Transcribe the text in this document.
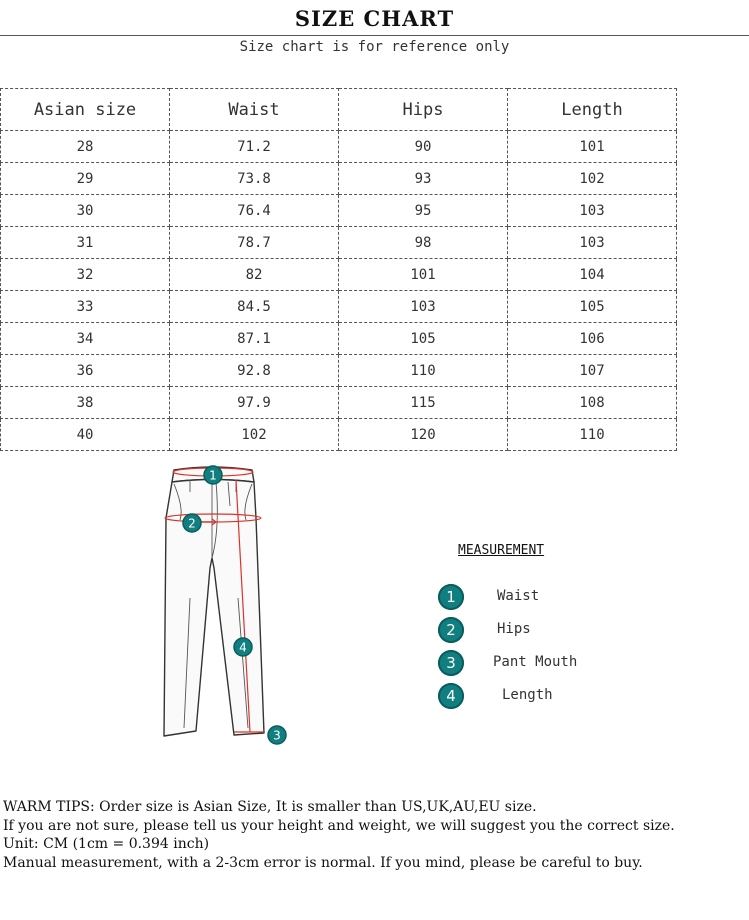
SIZE CHART
Size chart is for reference only
Asian size	Waist	Hips	Length
28	71.2	90	101
29	73.8	93	102
30	76.4	95	103
31	78.7	98	103
32	82	101	104
33	84.5	103	105
34	87.1	105	106
36	92.8	110	107
38	97.9	115	108
40	102	120	110
1
2
3
4
MEASUREMENT
1	Waist
2	Hips
3	Pant Mouth
4	Length

WARM TIPS: Order size is Asian Size, It is smaller than US,UK,AU,EU size.

If you are not sure, please tell us your height and weight, we will suggest you the correct size.

Unit: CM (1cm = 0.394 inch)

Manual measurement, with a 2-3cm error is normal. If you mind, please be careful to buy.
